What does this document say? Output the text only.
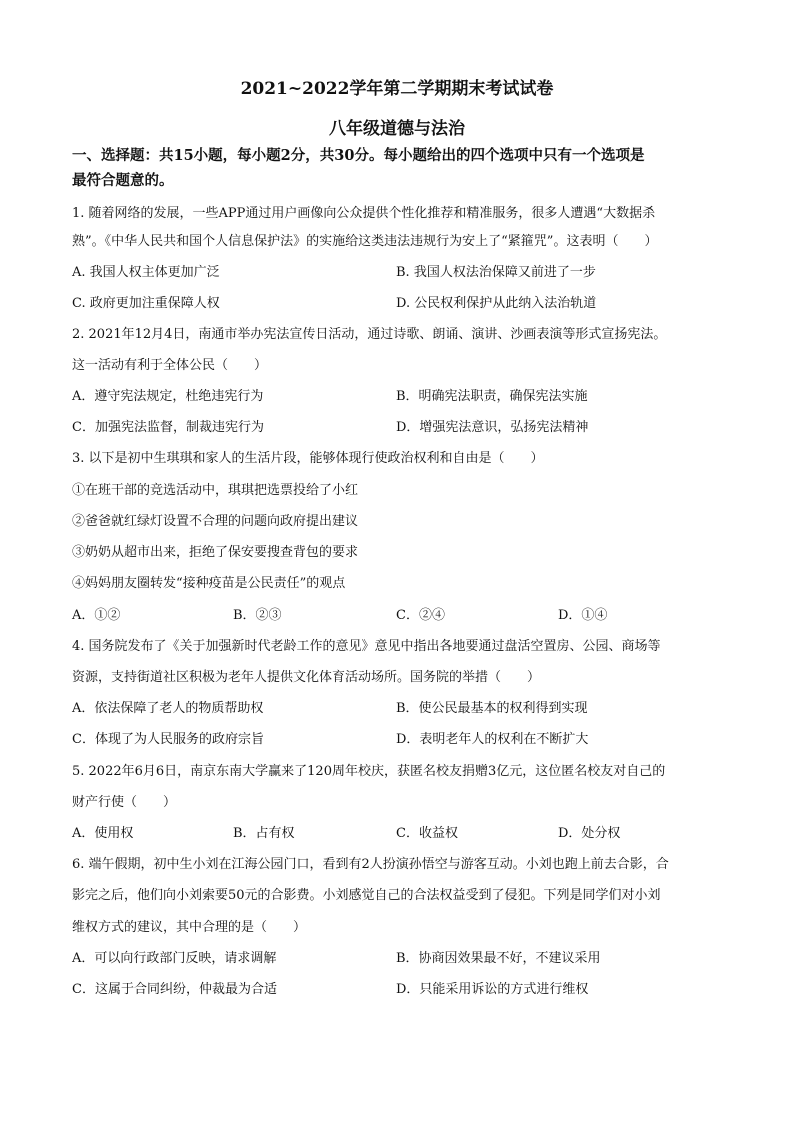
2021~2022学年第二学期期末考试试卷
八年级道德与法治
一、选择题：共15小题，每小题2分，共30分。每小题给出的四个选项中只有一个选项是
最符合题意的。
1. 随着网络的发展，一些APP通过用户画像向公众提供个性化推荐和精准服务，很多人遭遇“大数据杀
熟”。《中华人民共和国个人信息保护法》的实施给这类违法违规行为安上了“紧箍咒”。这表明（　　）
A. 我国人权主体更加广泛	B. 我国人权法治保障又前进了一步
C. 政府更加注重保障人权	D. 公民权利保护从此纳入法治轨道
2. 2021年12月4日，南通市举办宪法宣传日活动，通过诗歌、朗诵、演讲、沙画表演等形式宣扬宪法。
这一活动有利于全体公民（　　）
A．遵守宪法规定，杜绝违宪行为	B．明确宪法职责，确保宪法实施
C．加强宪法监督，制裁违宪行为	D．增强宪法意识，弘扬宪法精神
3. 以下是初中生琪琪和家人的生活片段，能够体现行使政治权利和自由是（　　）
①在班干部的竞选活动中，琪琪把选票投给了小红
②爸爸就红绿灯设置不合理的问题向政府提出建议
③奶奶从超市出来，拒绝了保安要搜查背包的要求
④妈妈朋友圈转发“接种疫苗是公民责任”的观点
A．①②	B．②③	C．②④	D．①④
4. 国务院发布了《关于加强新时代老龄工作的意见》意见中指出各地要通过盘活空置房、公园、商场等
资源，支持街道社区积极为老年人提供文化体育活动场所。国务院的举措（　　）
A．依法保障了老人的物质帮助权	B．使公民最基本的权利得到实现
C．体现了为人民服务的政府宗旨	D．表明老年人的权利在不断扩大
5. 2022年6月6日，南京东南大学赢来了120周年校庆，获匿名校友捐赠3亿元，这位匿名校友对自己的
财产行使（　　）
A．使用权	B．占有权	C．收益权	D．处分权
6. 端午假期，初中生小刘在江海公园门口，看到有2人扮演孙悟空与游客互动。小刘也跑上前去合影，合
影完之后，他们向小刘索要50元的合影费。小刘感觉自己的合法权益受到了侵犯。下列是同学们对小刘
维权方式的建议，其中合理的是（　　）
A．可以向行政部门反映，请求调解	B．协商因效果最不好，不建议采用
C．这属于合同纠纷，仲裁最为合适	D．只能采用诉讼的方式进行维权
